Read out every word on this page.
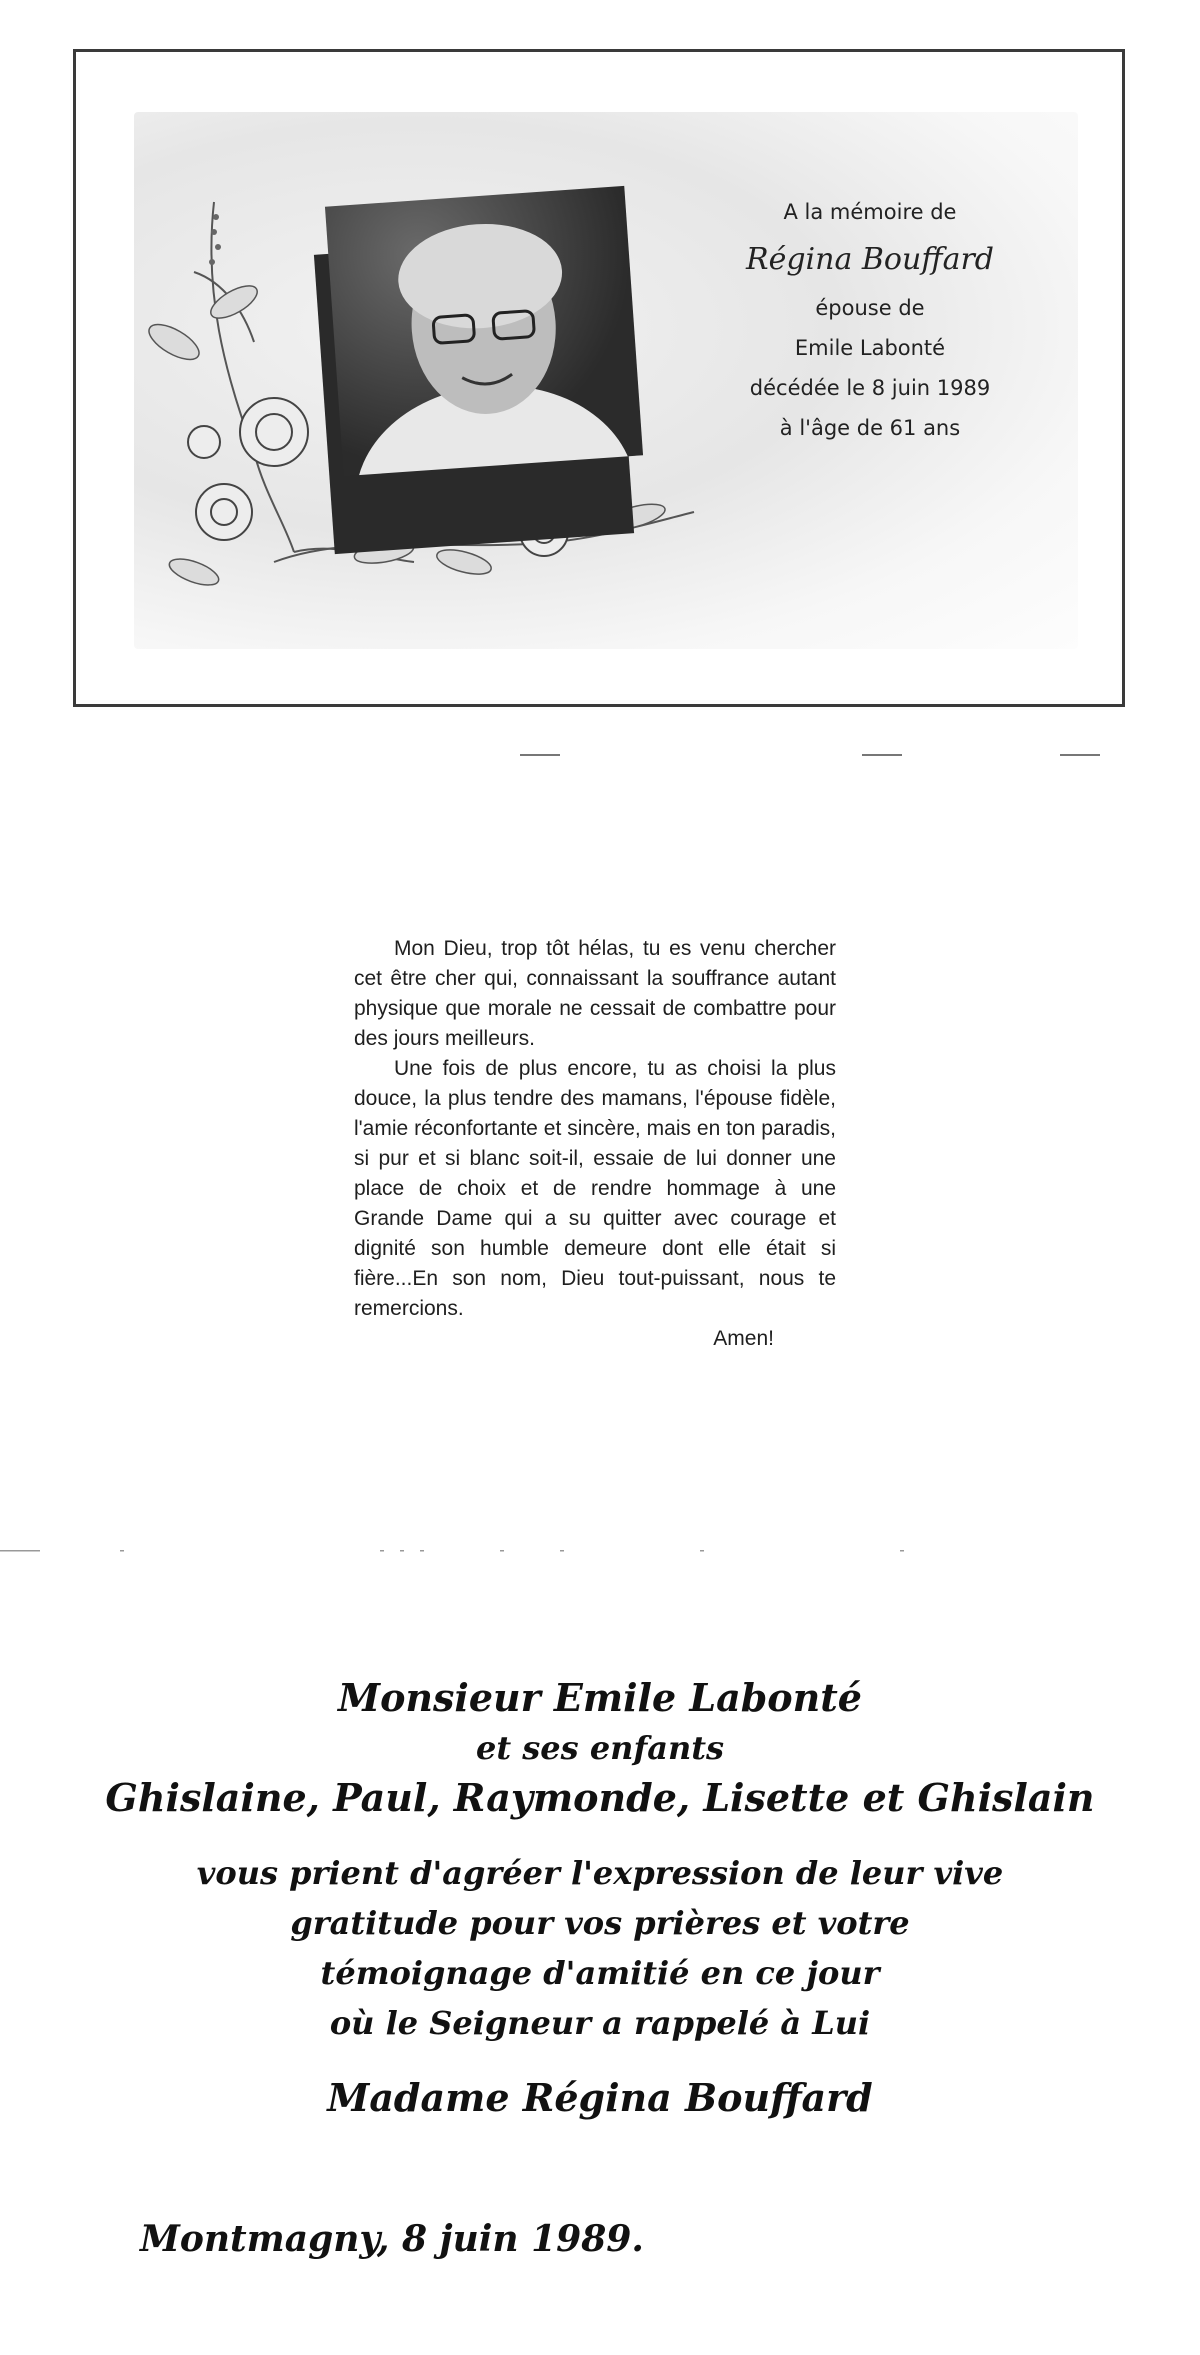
A la mémoire de
Régina Bouffard
épouse de
Emile Labonté
décédée le 8 juin 1989
à l'âge de 61 ans

Mon Dieu, trop tôt hélas, tu es venu chercher cet être cher qui, connaissant la souffrance autant physique que morale ne cessait de combattre pour des jours meilleurs.

Une fois de plus encore, tu as choisi la plus douce, la plus tendre des mamans, l'épouse fidèle, l'amie réconfortante et sincère, mais en ton paradis, si pur et si blanc soit-il, essaie de lui donner une place de choix et de rendre hommage à une Grande Dame qui a su quitter avec courage et dignité son humble demeure dont elle était si fière...En son nom, Dieu tout-puissant, nous te remercions.

Amen!

Monsieur Emile Labonté
et ses enfants
Ghislaine, Paul, Raymonde, Lisette et Ghislain
vous prient d'agréer l'expression de leur vive
gratitude pour vos prières et votre
témoignage d'amitié en ce jour
où le Seigneur a rappelé à Lui
Madame Régina Bouffard
Montmagny, 8 juin 1989.
